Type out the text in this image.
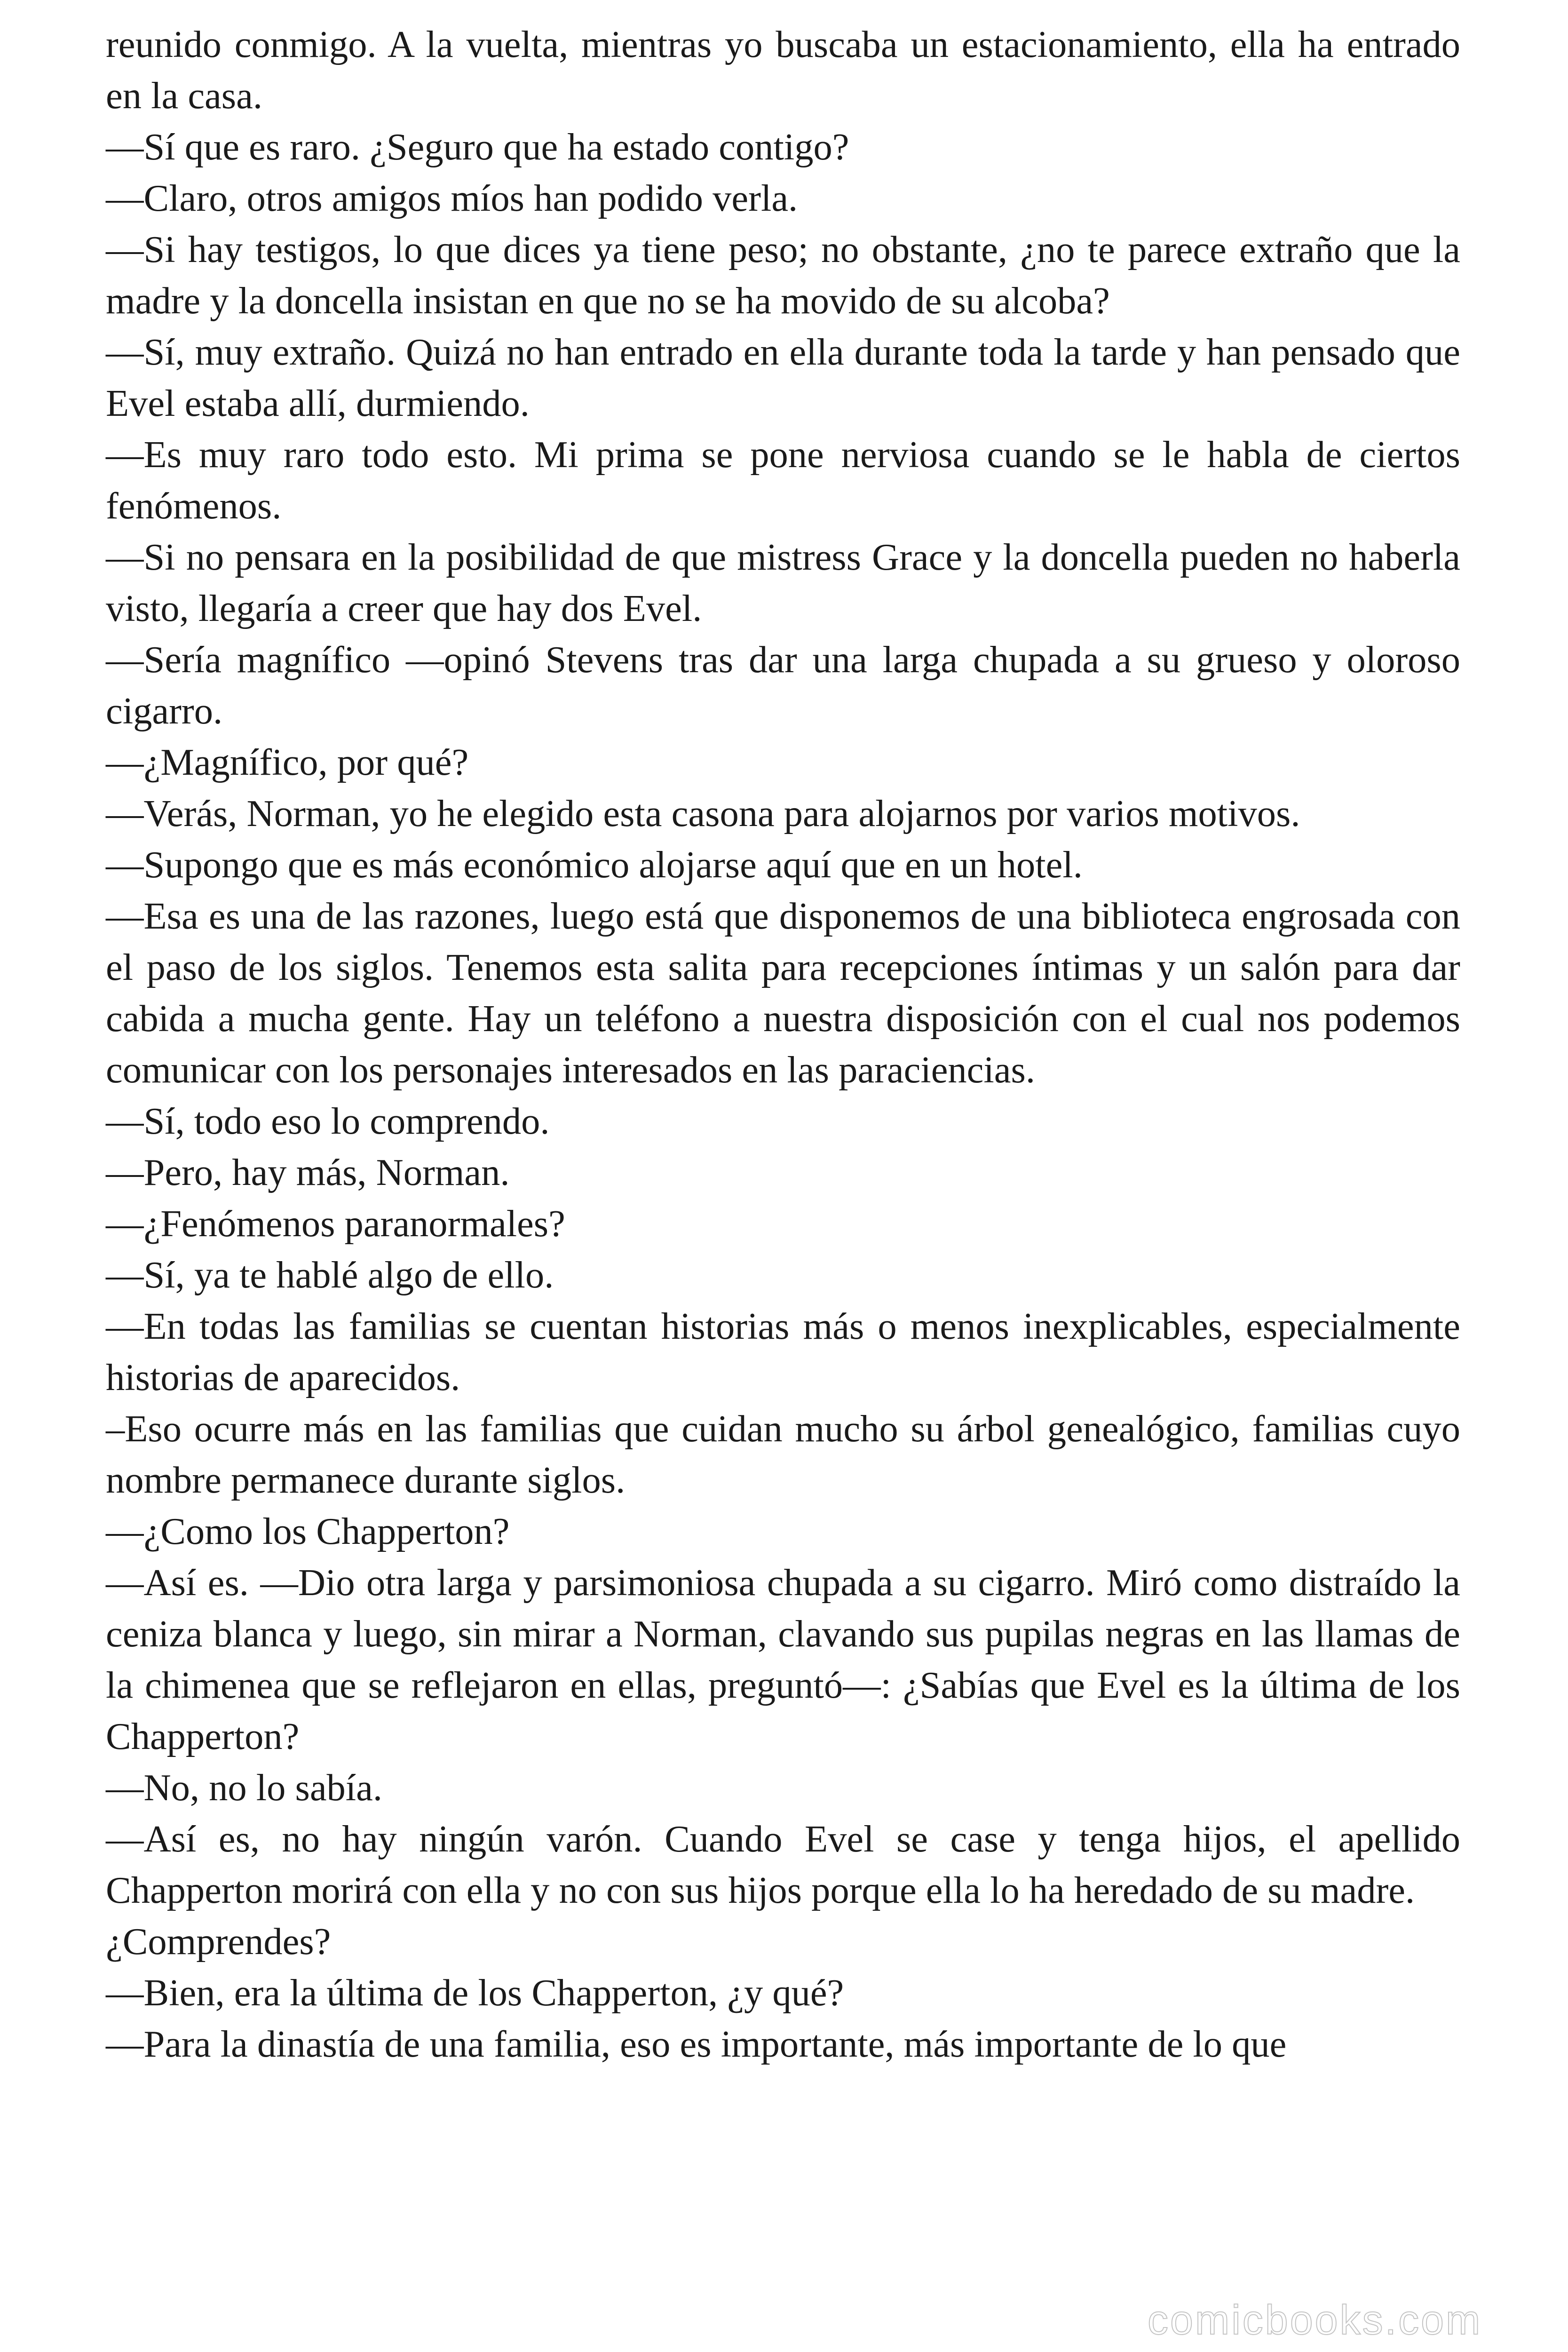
reunido conmigo. A la vuelta, mientras yo buscaba un estacionamiento, ella ha entrado en la casa.

—Sí que es raro. ¿Seguro que ha estado contigo?

—Claro, otros amigos míos han podido verla.

—Si hay testigos, lo que dices ya tiene peso; no obstante, ¿no te parece extraño que la madre y la doncella insistan en que no se ha movido de su alcoba?

—Sí, muy extraño. Quizá no han entrado en ella durante toda la tarde y han pensado que Evel estaba allí, durmiendo.

—Es muy raro todo esto. Mi prima se pone nerviosa cuando se le habla de ciertos fenómenos.

—Si no pensara en la posibilidad de que mistress Grace y la doncella pueden no haberla visto, llegaría a creer que hay dos Evel.

—Sería magnífico —opinó Stevens tras dar una larga chupada a su grueso y oloroso cigarro.

—¿Magnífico, por qué?

—Verás, Norman, yo he elegido esta casona para alojarnos por varios motivos.

—Supongo que es más económico alojarse aquí que en un hotel.

—Esa es una de las razones, luego está que disponemos de una biblioteca engrosada con el paso de los siglos. Tenemos esta salita para recepciones íntimas y un salón para dar cabida a mucha gente. Hay un teléfono a nuestra disposición con el cual nos podemos comunicar con los personajes interesados en las paraciencias.

—Sí, todo eso lo comprendo.

—Pero, hay más, Norman.

—¿Fenómenos paranormales?

—Sí, ya te hablé algo de ello.

—En todas las familias se cuentan historias más o menos inexplicables, especialmente historias de aparecidos.

–Eso ocurre más en las familias que cuidan mucho su árbol genealógico, familias cuyo nombre permanece durante siglos.

—¿Como los Chapperton?

—Así es. —Dio otra larga y parsimoniosa chupada a su cigarro. Miró como distraído la ceniza blanca y luego, sin mirar a Norman, clavando sus pupilas negras en las llamas de la chimenea que se reflejaron en ellas, preguntó—: ¿Sabías que Evel es la última de los Chapperton?

—No, no lo sabía.

—Así es, no hay ningún varón. Cuando Evel se case y tenga hijos, el apellido Chapperton morirá con ella y no con sus hijos porque ella lo ha heredado de su madre.

¿Comprendes?

—Bien, era la última de los Chapperton, ¿y qué?

—Para la dinastía de una familia, eso es importante, más importante de lo que

comicbooks.com
